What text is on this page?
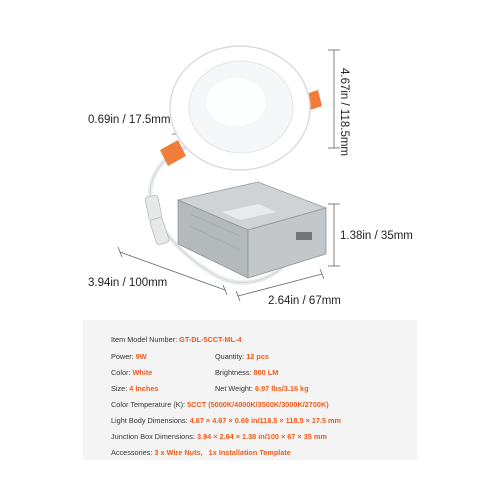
4.67in / 118.5mm
0.69in / 17.5mm
1.38in / 35mm
3.94in / 100mm
2.64in / 67mm
Item Model Number: GT-DL-5CCT-ML-4
Power: 9W	Quantity: 12 pcs
Color: White	Brightness: 800 LM
Size: 4 Inches	Net Weight: 6.97 lbs/3.16 kg
Color Temperature (K): 5CCT (5000K/4000K/3500K/3000K/2700K)
Light Body Dimensions: 4.67 × 4.67 × 0.69 in/118.5 × 118.5 × 17.5 mm
Junction Box Dimensions: 3.94 × 2.64 × 1.38 in/100 × 67 × 35 mm
Accessories: 3 x Wire Nuts,   1x Installation Template
